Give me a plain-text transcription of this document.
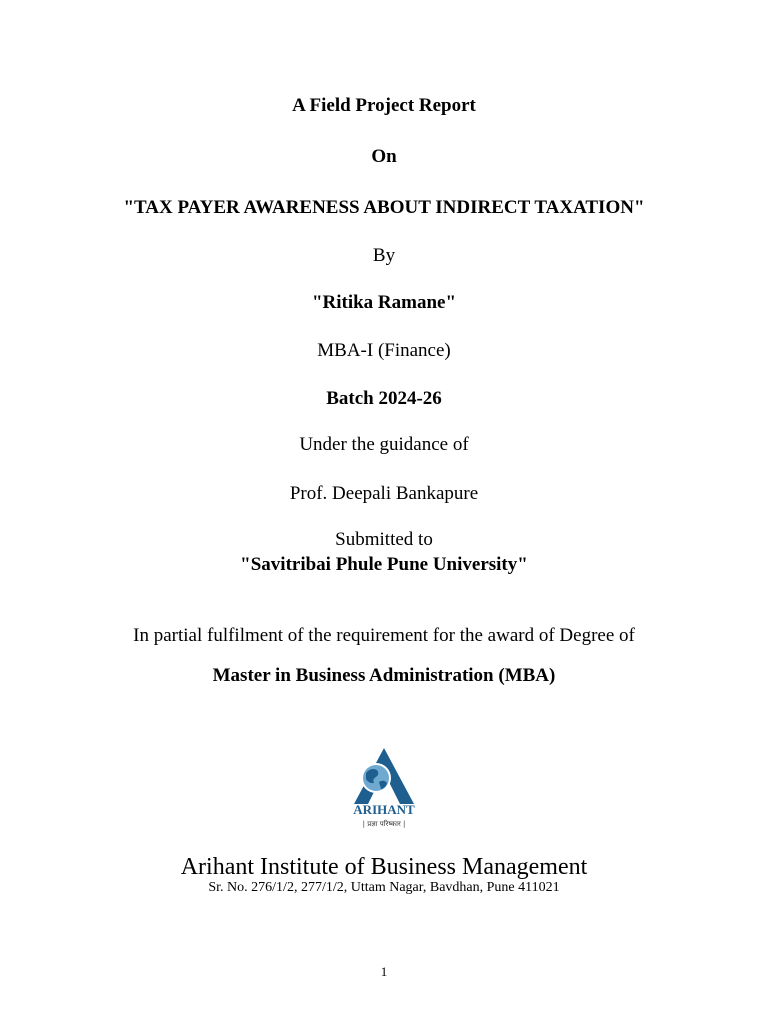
A Field Project Report
On
"TAX PAYER AWARENESS ABOUT INDIRECT TAXATION"
By
"Ritika Ramane"
MBA-I (Finance)
Batch 2024-26
Under the guidance of
Prof. Deepali Bankapure
Submitted to
"Savitribai Phule Pune University"
In partial fulfilment of the requirement for the award of Degree of
Master in Business Administration (MBA)
ARIHANT
| प्रज्ञा परिष्कार |
Arihant Institute of Business Management
Sr. No. 276/1/2, 277/1/2, Uttam Nagar, Bavdhan, Pune 411021
1
